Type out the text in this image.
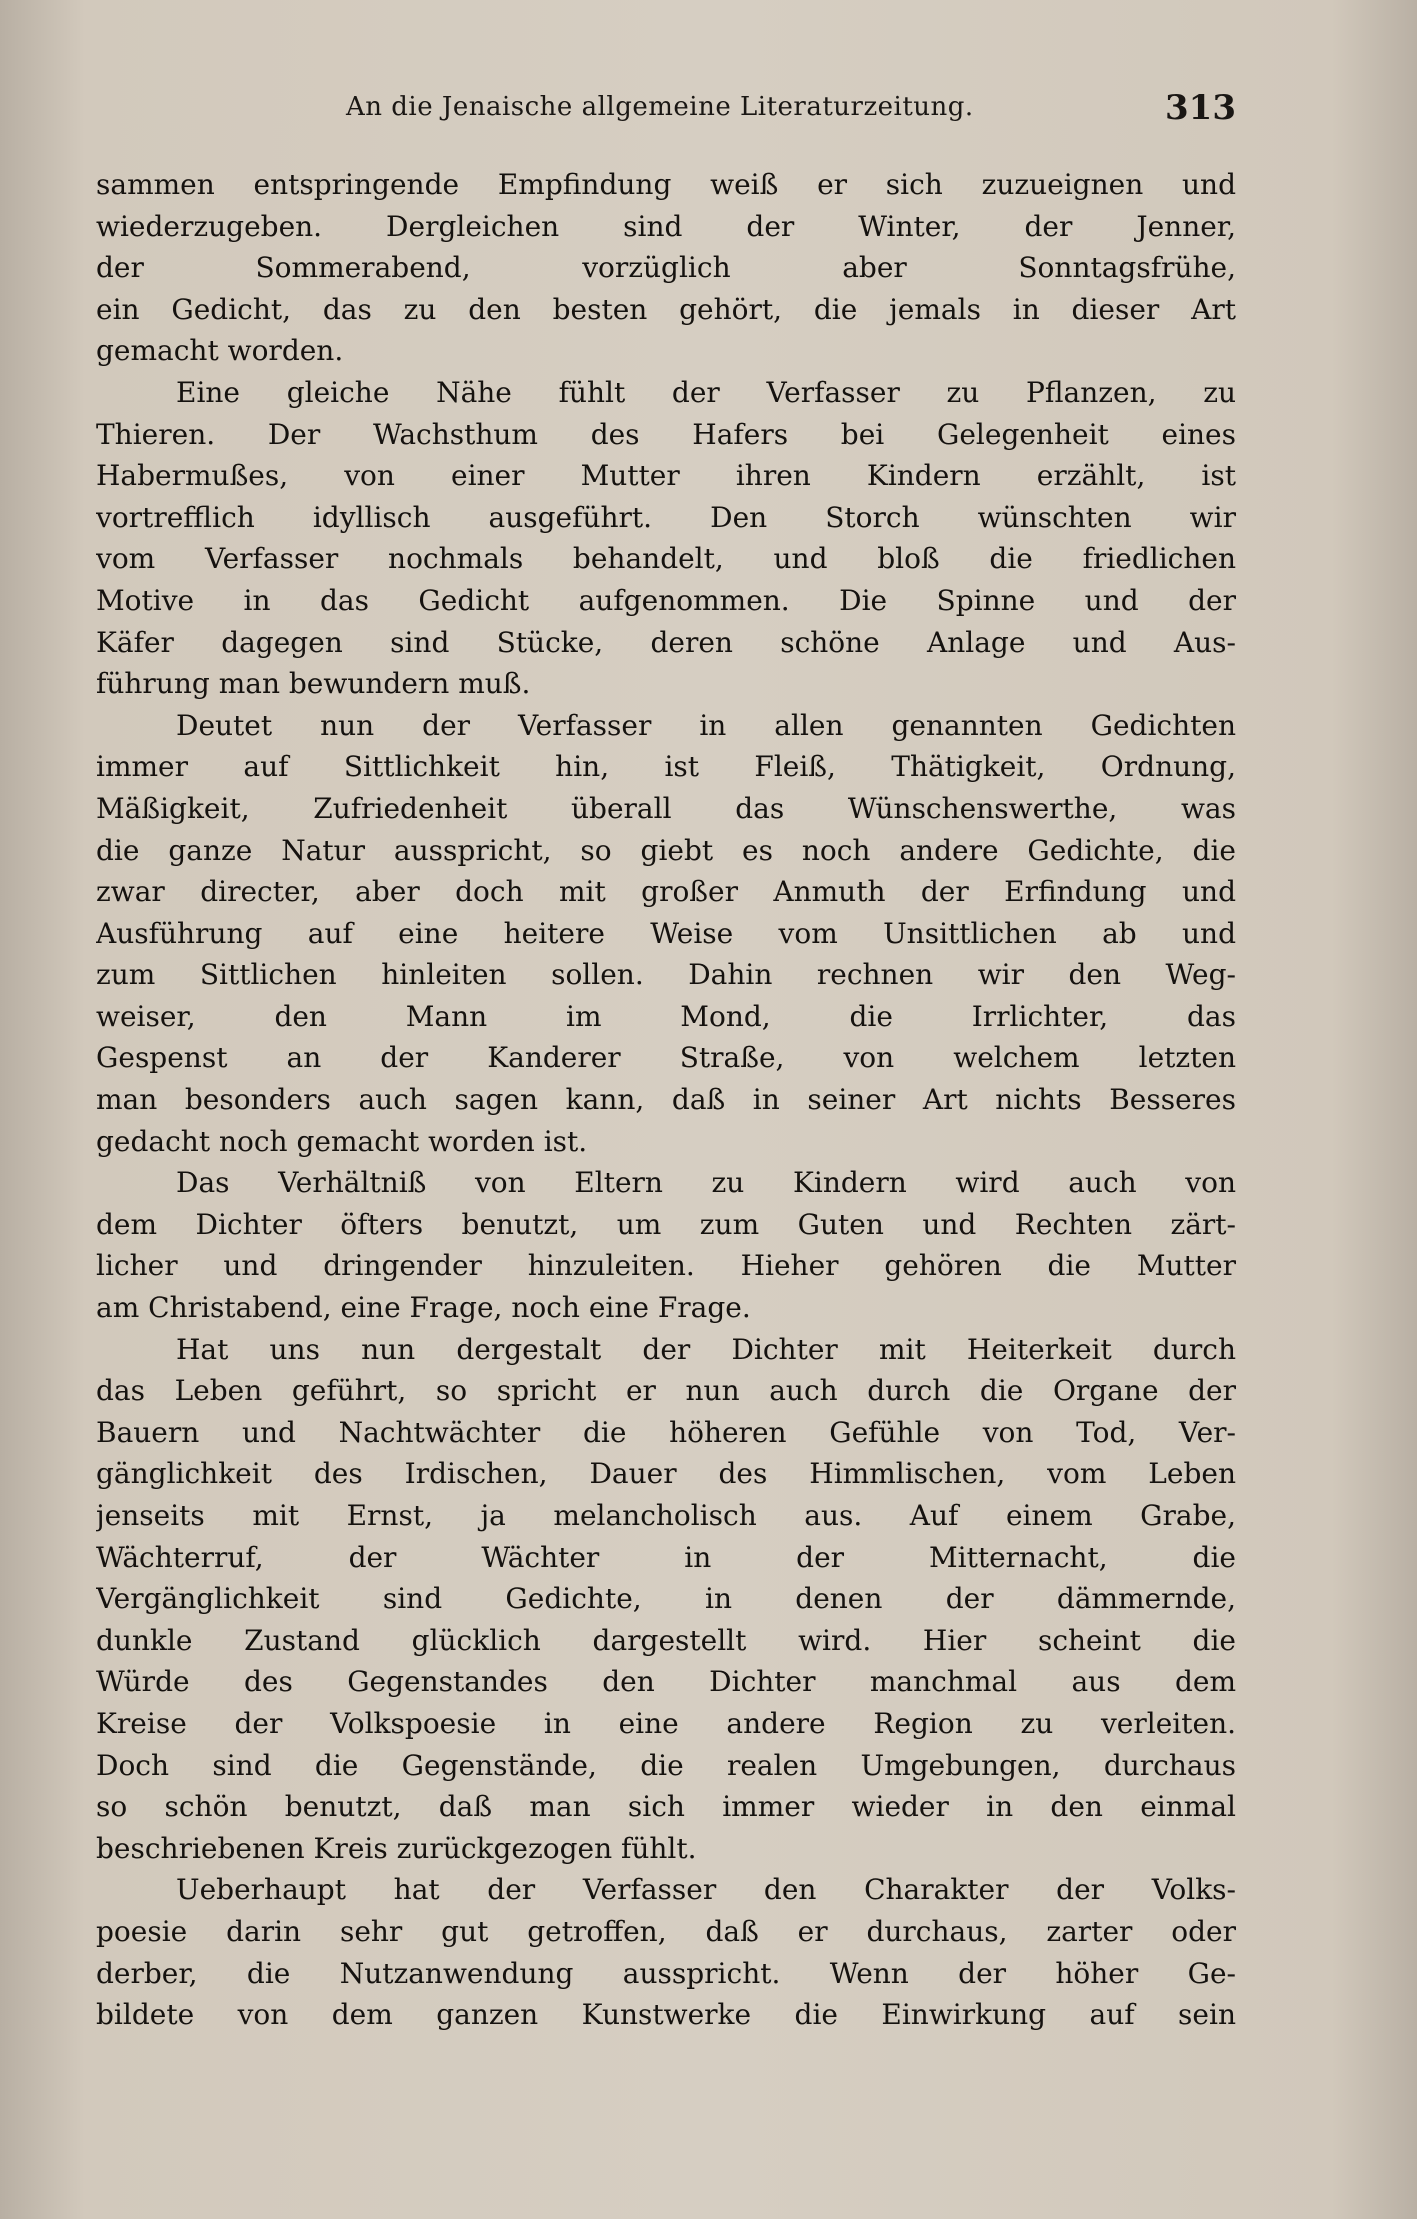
An die Jenaische allgemeine Literaturzeitung.	313
sammen entspringende Empfindung weiß er sich zuzueignen und
wiederzugeben. Dergleichen sind der Winter, der Jenner,
der Sommerabend, vorzüglich aber Sonntagsfrühe,
ein Gedicht, das zu den besten gehört, die jemals in dieser Art
gemacht worden.
Eine gleiche Nähe fühlt der Verfasser zu Pflanzen, zu
Thieren. Der Wachsthum des Hafers bei Gelegenheit eines
Habermußes, von einer Mutter ihren Kindern erzählt, ist
vortrefflich idyllisch ausgeführt. Den Storch wünschten wir
vom Verfasser nochmals behandelt, und bloß die friedlichen
Motive in das Gedicht aufgenommen. Die Spinne und der
Käfer dagegen sind Stücke, deren schöne Anlage und Aus-
führung man bewundern muß.
Deutet nun der Verfasser in allen genannten Gedichten
immer auf Sittlichkeit hin, ist Fleiß, Thätigkeit, Ordnung,
Mäßigkeit, Zufriedenheit überall das Wünschenswerthe, was
die ganze Natur ausspricht, so giebt es noch andere Gedichte, die
zwar directer, aber doch mit großer Anmuth der Erfindung und
Ausführung auf eine heitere Weise vom Unsittlichen ab und
zum Sittlichen hinleiten sollen. Dahin rechnen wir den Weg-
weiser, den Mann im Mond, die Irrlichter, das
Gespenst an der Kanderer Straße, von welchem letzten
man besonders auch sagen kann, daß in seiner Art nichts Besseres
gedacht noch gemacht worden ist.
Das Verhältniß von Eltern zu Kindern wird auch von
dem Dichter öfters benutzt, um zum Guten und Rechten zärt-
licher und dringender hinzuleiten. Hieher gehören die Mutter
am Christabend, eine Frage, noch eine Frage.
Hat uns nun dergestalt der Dichter mit Heiterkeit durch
das Leben geführt, so spricht er nun auch durch die Organe der
Bauern und Nachtwächter die höheren Gefühle von Tod, Ver-
gänglichkeit des Irdischen, Dauer des Himmlischen, vom Leben
jenseits mit Ernst, ja melancholisch aus. Auf einem Grabe,
Wächterruf, der Wächter in der Mitternacht, die
Vergänglichkeit sind Gedichte, in denen der dämmernde,
dunkle Zustand glücklich dargestellt wird. Hier scheint die
Würde des Gegenstandes den Dichter manchmal aus dem
Kreise der Volkspoesie in eine andere Region zu verleiten.
Doch sind die Gegenstände, die realen Umgebungen, durchaus
so schön benutzt, daß man sich immer wieder in den einmal
beschriebenen Kreis zurückgezogen fühlt.
Ueberhaupt hat der Verfasser den Charakter der Volks-
poesie darin sehr gut getroffen, daß er durchaus, zarter oder
derber, die Nutzanwendung ausspricht. Wenn der höher Ge-
bildete von dem ganzen Kunstwerke die Einwirkung auf sein
